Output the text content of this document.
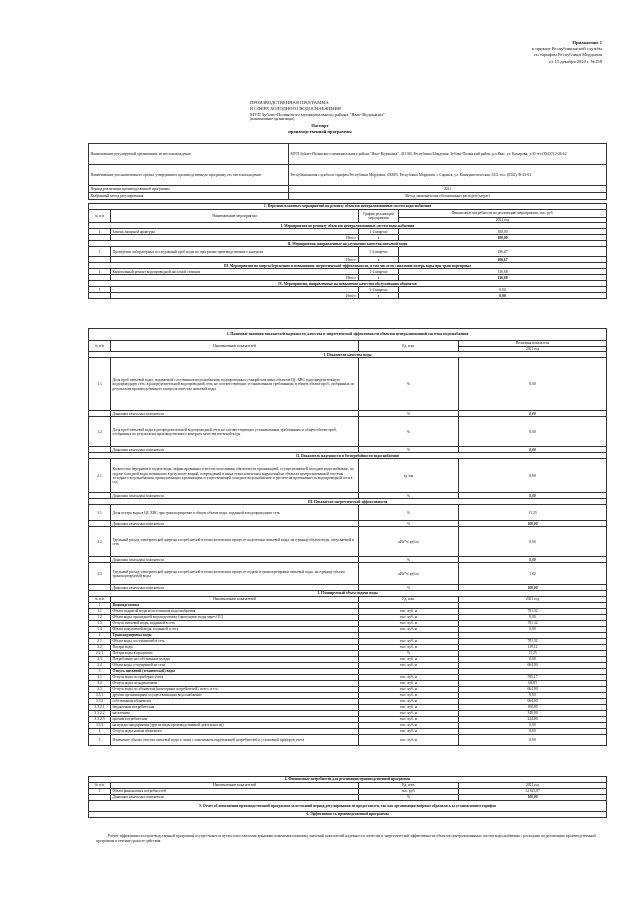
Приложение 1
к приказу Республиканской службы
по тарифам Республики Мордовия
от 15 декабря 2020 г. №158
ПРОИЗВОДСТВЕННАЯ ПРОГРАММА
В СФЕРЕ ХОЛОДНОГО ВОДОСНАБЖЕНИЯ
МУП Зубово-Полянского муниципального района "Явас-Водоканал"
(наименование организации)
Паспорт
производственной программы
Наименование регулируемой организации, ее местонахождение	МУП Зубово-Полянского муниципального района "Явас-Водоканал", 431160, Республика Мордовия, Зубово-Полянский район, р.п Явас, ул. Комарова, д.30 тел (83437) 2-26-62
Наименование уполномоченного органа, утвердившего производственную программу, его местонахождение	Республиканская служба по тарифам Республики Мордовия, 430005, Республика Мордовия, г. Саранск, ул. Коммунистическая, 33/2, тел. (8342) 39-23-63
Период реализации производственной программы	2021
Выбранный метод регулирования	Метод экономически обоснованных расходов (затрат)
1. Перечень плановых мероприятий по ремонту объектов централизованных систем водоснабжения			
№ п/п	Наименование мероприятия	График реализации мероприятия	Финансовые потребности на реализацию мероприятия, тыс. руб.
			2021 год
I. Мероприятия по ремонту объектов централизованных систем водоснабжения			
1	Замена запорной арматуры	1-4 квартал	100,00
	Итого:	х	100,00
II. Мероприятия, направленные на улучшение качества питьевой воды			
1	Проведение лабораторных исследований проб воды по программе производственного контроля	1-4 квартал	186,67
	Итого:	х	186,67
III. Мероприятия по энергосбережению и повышению энергетической эффективности, в том числе по снижению потерь воды при транспортировке			
1	Капитальный ремонт водопроводной насосной станции	1-4 квартал	136,68
	Итого:	х	136,68
IV. Мероприятия, направленные на повышение качества обслуживания абонентов			
1	-	1-4 квартал	0,00
	Итого:	х	0,00
2. Плановые значения показателей надежности, качества и энергетической эффективности объектов централизованной системы водоснабжения			
№ п/п	Наименование показателей	Ед. изм.	Величина показателя
			2021 год
I. Показатели качества воды			
1.1	Доля проб питьевой воды, подаваемой с источников водоснабжения, водопроводных станций или иных объектов ЦС ХВС в распределительную водопроводную сеть, в распределительной водопроводной сети, не соответствующих установленным требованиям, в общем объеме проб, отобранных по результатам производственного контроля качества питьевой воды	%	0,00
	Динамика изменения показателя	%	0,00
1.2	Доля проб питьевой воды в распределительной водопроводной сети, не соответствующих установленным требованиям, в общем объеме проб, отобранных по результатам производственного контроля качества питьевой воды	%	0,00
	Динамика изменения показателя	%	0,00
II. Показатель надежности и бесперебойности водоснабжения			
2.1	Количество перерывов в подаче воды, зафиксированных в местах исполнения обязательств организацией, осуществляющей холодное водоснабжение, по подаче холодной воды, возникших в результате аварий, повреждений и иных технологических нарушений на объектах централизованной системы холодного водоснабжения, принадлежащих организации, осуществляющей холодное водоснабжение, в расчете на протяженность водопроводной сети в год	ед./км	0,00
	Динамика изменения показателя	%	0,00
III. Показатели энергетической эффективности			
3.1	Доля потерь воды в ЦС ХВС при транспортировке в общем объеме воды, поданной в водопроводную сеть	%	15,25
	Динамика изменения показателя	%	100,00
3.2	Удельный расход электрической энергии, потребляемой в технологическом процессе подготовки питьевой воды, на единицу объема воды, отпускаемой в сеть	кВт*ч/ куб.м	0,00
	Динамика изменения показателя	%	0,00
3.3	Удельный расход электрической энергии, потребляемой в технологическом процессе подачи и транспортировки питьевой воды, на единицу объема транспортируемой воды	кВт*ч/ куб.м	1,02
	Динамика изменения показателя	%	100,00
3. Планируемый объем подачи воды			
№ п/п	Наименование показателей	Ед. изм.	2021 год
1	Водоподготовка		
1.1	Объем поднятой воды из источников водоснабжения	тыс. куб. м	781,32
1.2	Объем воды, прошедшей водоподготовку (пропущено воды через ОС)	тыс. куб. м	0,00
1.3	Отпуск питьевой воды, поданной в сеть	тыс. куб. м	781,32
1.4	Объем покупаемой воды, поданной в сеть	тыс. куб. м	0,00
2	Транспортировка воды		
2.1	Объем воды, поступившей в сеть	тыс. куб. м	781,32
2.2	Потери воды	тыс. куб. м	119,12
2.2.1	Потери воды в процентах	%	15,25
2.3	Потребление на собственные нужды	тыс. куб. м	0,00
2.4	Объем воды, отпущенной из сети	тыс. куб. м	664,00
3	Отпуск питьевой (технической) воды		
3.1	Отпуск воды по приборам учета	тыс. куб. м	595,17
3.2	Отпуск воды по нормативам	тыс. куб. м	68,83
3.3	Отпуск воды по абонентам (категориям потребителей), всего, в т.ч.:	тыс. куб. м	664,00
3.3.1	другим организациям, осуществляющим водоснабжение	тыс. куб. м	0,00
3.3.2	собственным абонентам	тыс. куб. м	664,00
3.3.2.1	бюджетным потребителям	тыс. куб. м	100,00
3.3.2.2	населению	тыс. куб. м	340,00
3.3.2.3	прочим потребителям	тыс. куб. м	224,00
3.3.3	на нужды предприятия (другие виды производственной деятельности)	тыс. куб. м	0,00
4	Отпуск воды новым абонентам	тыс. куб. м	0,00
5	Изменение объема отпуска питьевой воды в связи с изменением окружающей потребителей и установкой приборов учета	тыс. куб. м	0,00
4. Финансовые потребности для реализации производственной программы			
№ п/п	Наименование показателей	Ед. изм.	2021 год
1	Объем финансовых потребностей	тыс. руб.	14 623,87
	Динамика изменения показателя	%	100,00
5. Отчет об исполнении производственной программы за истекший период регулирования не предоставлен, так как организация впервые обратилась за установлением тарифов			
6. Эффективность производственной программы			
Расчет эффективности производственной программы осуществляется путем сопоставления динамики изменения плановых значений показателей надежности, качества и энергетической эффективности объектов централизованных систем водоснабжения с расходами на реализацию производственной программы в течение срока ее действия
